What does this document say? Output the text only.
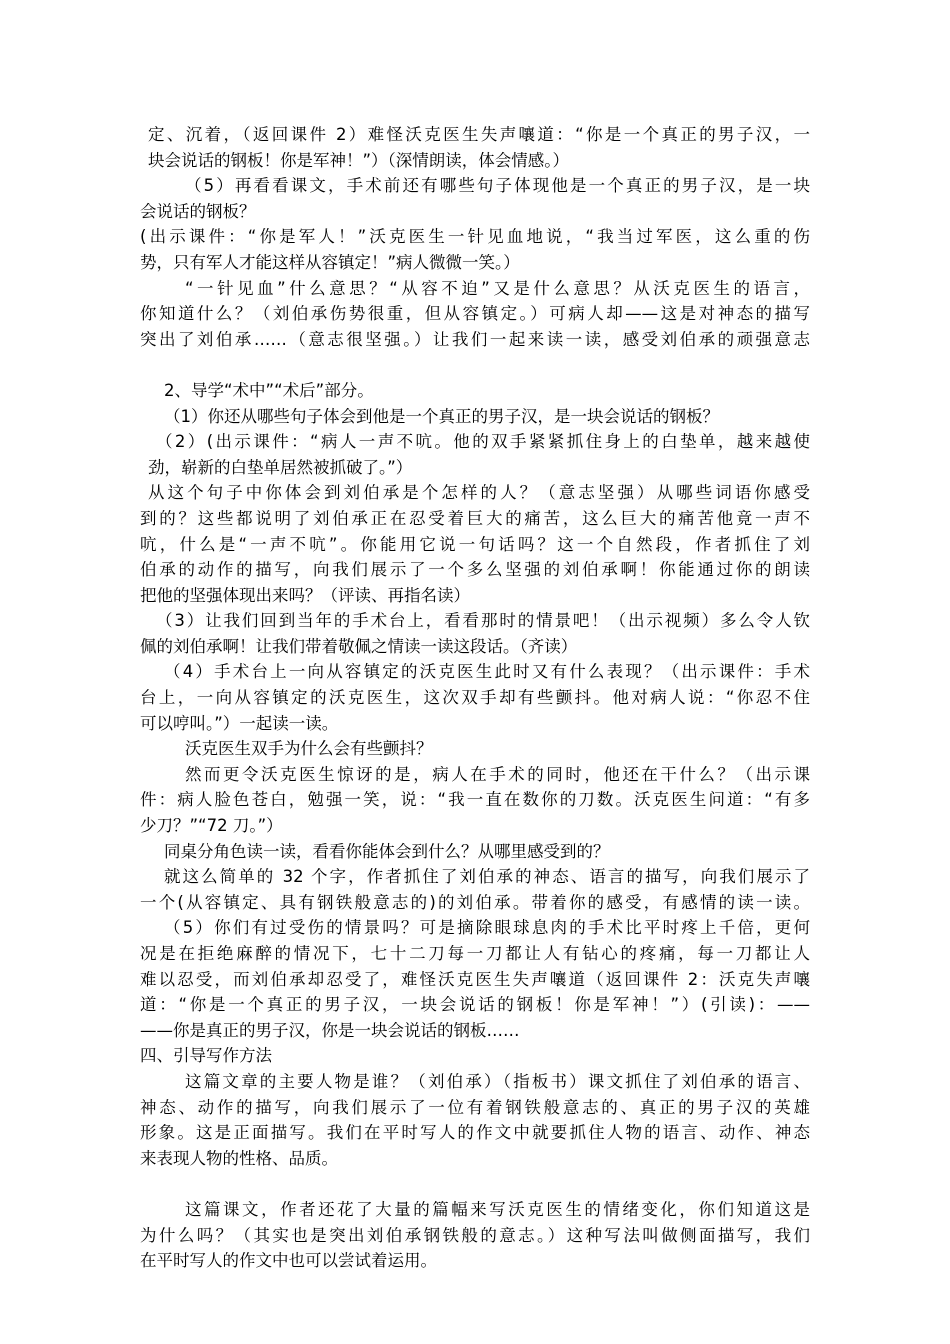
定、沉着，（返回课件 2）难怪沃克医生失声嚷道：“你是一个真正的男子汉，一
块会说话的钢板！你是军神！”）（深情朗读，体会情感。）
（5）再看看课文，手术前还有哪些句子体现他是一个真正的男子汉，是一块
会说话的钢板？
(出示课件：“你是军人！”沃克医生一针见血地说，“我当过军医，这么重的伤
势，只有军人才能这样从容镇定！”病人微微一笑。）
“一针见血”什么意思？“从容不迫”又是什么意思？从沃克医生的语言，
你知道什么？（刘伯承伤势很重，但从容镇定。）可病人却——这是对神态的描写
突出了刘伯承……（意志很坚强。）让我们一起来读一读，感受刘伯承的顽强意志
2、导学“术中”“术后”部分。
（1）你还从哪些句子体会到他是一个真正的男子汉，是一块会说话的钢板？
（2）(出示课件：“病人一声不吭。他的双手紧紧抓住身上的白垫单，越来越使
劲，崭新的白垫单居然被抓破了。”）
从这个句子中你体会到刘伯承是个怎样的人？（意志坚强）从哪些词语你感受
到的？这些都说明了刘伯承正在忍受着巨大的痛苦，这么巨大的痛苦他竟一声不
吭，什么是“一声不吭”。你能用它说一句话吗？这一个自然段，作者抓住了刘
伯承的动作的描写，向我们展示了一个多么坚强的刘伯承啊！你能通过你的朗读
把他的坚强体现出来吗？（评读、再指名读）
（3）让我们回到当年的手术台上，看看那时的情景吧！（出示视频）多么令人钦
佩的刘伯承啊！让我们带着敬佩之情读一读这段话。（齐读）
（4）手术台上一向从容镇定的沃克医生此时又有什么表现？（出示课件：手术
台上，一向从容镇定的沃克医生，这次双手却有些颤抖。他对病人说：“你忍不住
可以哼叫。”）一起读一读。
沃克医生双手为什么会有些颤抖？
然而更令沃克医生惊讶的是，病人在手术的同时，他还在干什么？（出示课
件：病人脸色苍白，勉强一笑，说：“我一直在数你的刀数。沃克医生问道：“有多
少刀？”“72 刀。”）
同桌分角色读一读，看看你能体会到什么？从哪里感受到的？
就这么简单的 32 个字，作者抓住了刘伯承的神态、语言的描写，向我们展示了
一个(从容镇定、具有钢铁般意志的)的刘伯承。带着你的感受，有感情的读一读。
（5）你们有过受伤的情景吗？可是摘除眼球息肉的手术比平时疼上千倍，更何
况是在拒绝麻醉的情况下，七十二刀每一刀都让人有钻心的疼痛，每一刀都让人
难以忍受，而刘伯承却忍受了，难怪沃克医生失声嚷道（返回课件 2：沃克失声嚷
道：“你是一个真正的男子汉，一块会说话的钢板！你是军神！”）(引读)：——
——你是真正的男子汉，你是一块会说话的钢板……
四、引导写作方法
这篇文章的主要人物是谁？（刘伯承）（指板书）课文抓住了刘伯承的语言、
神态、动作的描写，向我们展示了一位有着钢铁般意志的、真正的男子汉的英雄
形象。这是正面描写。我们在平时写人的作文中就要抓住人物的语言、动作、神态
来表现人物的性格、品质。
这篇课文，作者还花了大量的篇幅来写沃克医生的情绪变化，你们知道这是
为什么吗？（其实也是突出刘伯承钢铁般的意志。）这种写法叫做侧面描写，我们
在平时写人的作文中也可以尝试着运用。
